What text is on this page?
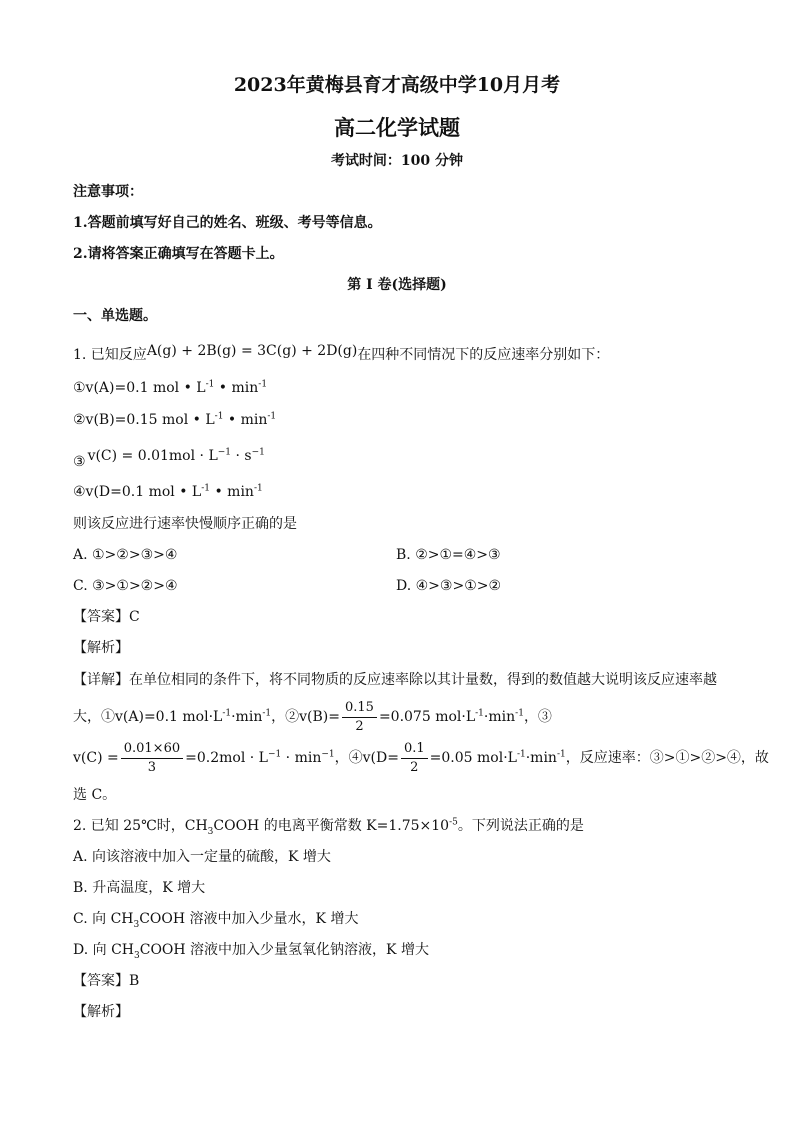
2023年黄梅县育才高级中学10月月考
高二化学试题
考试时间：100 分钟
注意事项：
1.答题前填写好自己的姓名、班级、考号等信息。
2.请将答案正确填写在答题卡上。
第 I 卷(选择题)
一、单选题。
1. 已知反应A(g) + 2B(g) = 3C(g) + 2D(g)在四种不同情况下的反应速率分别如下：
①v(A)=0.1 mol • $L^{-1}$ • $\min^{-1}$
②v(B)=0.15 mol • $L^{-1}$ • $\min^{-1}$
③ $v(C) = 0.01mol \cdot L^{-1} \cdot s^{-1}$
④v(D=0.1 mol • $L^{-1}$ • $\min^{-1}$
则该反应进行速率快慢顺序正确的是
A. ①>②>③>④	B. ②>①=④>③
C. ③>①>②>④	D. ④>③>①>②
【答案】C
【解析】
【详解】在单位相同的条件下，将不同物质的反应速率除以其计量数，得到的数值越大说明该反应速率越
大，①v(A)=0.1 $mol\cdot L^{-1}\cdot\min^{-1}$，②v(B)= $\frac{0.15}{2} =0.075$ $mol\cdot L^{-1}\cdot\min^{-1}$，③
$v(C) = \frac{0.01\times 60}{3} =0.2mol \cdot L^{-1} \cdot \min^{-1}$，④v(D= $\frac{0.1}{2} =0.05$ $mol\cdot L^{-1}\cdot\min^{-1}$，反应速率：③>①>②>④，故
选 C。
2. 已知 25℃时，$CH_3COOH$ 的电离平衡常数 $K=1.75\times 10^{-5}$。下列说法正确的是
A. 向该溶液中加入一定量的硫酸，K 增大
B. 升高温度，K 增大
C. 向 $CH_3COOH$ 溶液中加入少量水，K 增大
D. 向 $CH_3COOH$ 溶液中加入少量氢氧化钠溶液，K 增大
【答案】B
【解析】
